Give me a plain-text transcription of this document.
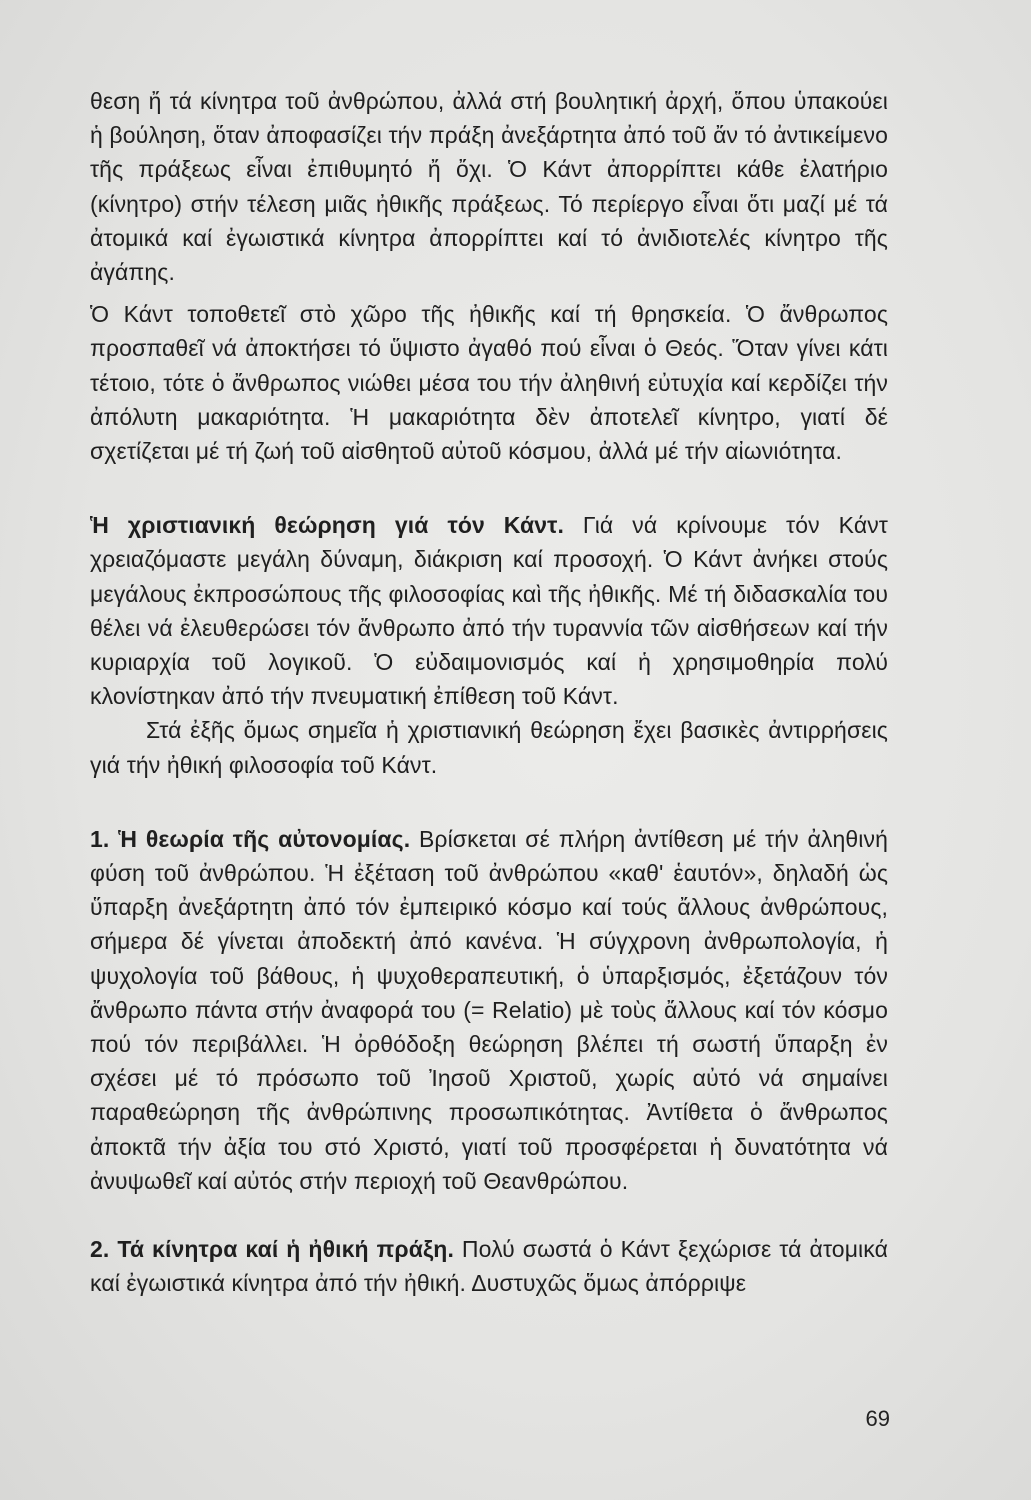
θεση ἤ τά κίνητρα τοῦ ἀνθρώπου, ἀλλά στή βουλητική ἀρχή, ὅπου ὑπακούει ἡ βούληση, ὅταν ἀποφασίζει τήν πράξη ἀνεξάρτητα ἀπό τοῦ ἄν τό ἀντικείμενο τῆς πράξεως εἶναι ἐπιθυμητό ἤ ὄχι. Ὁ Κάντ ἀπορρίπτει κάθε ἐλατήριο (κίνητρο) στήν τέλεση μιᾶς ἠθικῆς πράξεως. Τό περίεργο εἶναι ὅτι μαζί μέ τά ἀτομικά καί ἐγωιστικά κίνητρα ἀπορρίπτει καί τό ἀνιδιοτελές κίνητρο τῆς ἀγάπης.

Ὁ Κάντ τοποθετεῖ στὸ χῶρο τῆς ἠθικῆς καί τή θρησκεία. Ὁ ἄνθρωπος προσπαθεῖ νά ἀποκτήσει τό ὕψιστο ἀγαθό πού εἶναι ὁ Θεός. Ὅταν γίνει κάτι τέτοιο, τότε ὁ ἄνθρωπος νιώθει μέσα του τήν ἀληθινή εὐτυχία καί κερδίζει τήν ἀπόλυτη μακαριότητα. Ἡ μακαριότητα δὲν ἀποτελεῖ κίνητρο, γιατί δέ σχετίζεται μέ τή ζωή τοῦ αἰσθητοῦ αὐτοῦ κόσμου, ἀλλά μέ τήν αἰωνιότητα.

Ἡ χριστιανική θεώρηση γιά τόν Κάντ. Γιά νά κρίνουμε τόν Κάντ χρειαζόμαστε μεγάλη δύναμη, διάκριση καί προσοχή. Ὁ Κάντ ἀνήκει στούς μεγάλους ἐκπροσώπους τῆς φιλοσοφίας καὶ τῆς ἠθικῆς. Μέ τή διδασκαλία του θέλει νά ἐλευθερώσει τόν ἄνθρωπο ἀπό τήν τυραννία τῶν αἰσθήσεων καί τήν κυριαρχία τοῦ λογικοῦ. Ὁ εὐδαιμονισμός καί ἡ χρησιμοθηρία πολύ κλονίστηκαν ἀπό τήν πνευματική ἐπίθεση τοῦ Κάντ.

Στά ἐξῆς ὅμως σημεῖα ἡ χριστιανική θεώρηση ἔχει βασικὲς ἀντιρρήσεις γιά τήν ἠθική φιλοσοφία τοῦ Κάντ.

1. Ἡ θεωρία τῆς αὐτονομίας. Βρίσκεται σέ πλήρη ἀντίθεση μέ τήν ἀληθινή φύση τοῦ ἀνθρώπου. Ἡ ἐξέταση τοῦ ἀνθρώπου «καθ' ἑαυτόν», δηλαδή ὡς ὕπαρξη ἀνεξάρτητη ἀπό τόν ἐμπειρικό κόσμο καί τούς ἄλλους ἀνθρώπους, σήμερα δέ γίνεται ἀποδεκτή ἀπό κανένα. Ἡ σύγχρονη ἀνθρωπολογία, ἡ ψυχολογία τοῦ βάθους, ἡ ψυχοθεραπευτική, ὁ ὑπαρξισμός, ἐξετάζουν τόν ἄνθρωπο πάντα στήν ἀναφορά του (= Relatio) μὲ τοὺς ἄλλους καί τόν κόσμο πού τόν περιβάλλει. Ἡ ὀρθόδοξη θεώρηση βλέπει τή σωστή ὕπαρξη ἐν σχέσει μέ τό πρόσωπο τοῦ Ἰησοῦ Χριστοῦ, χωρίς αὐτό νά σημαίνει παραθεώρηση τῆς ἀνθρώπινης προσωπικότητας. Ἀντίθετα ὁ ἄνθρωπος ἀποκτᾶ τήν ἀξία του στό Χριστό, γιατί τοῦ προσφέρεται ἡ δυνατότητα νά ἀνυψωθεῖ καί αὐτός στήν περιοχή τοῦ Θεανθρώπου.

2. Τά κίνητρα καί ἡ ἠθική πράξη. Πολύ σωστά ὁ Κάντ ξεχώρισε τά ἀτομικά καί ἐγωιστικά κίνητρα ἀπό τήν ἠθική. Δυστυχῶς ὅμως ἀπόρριψε

69
